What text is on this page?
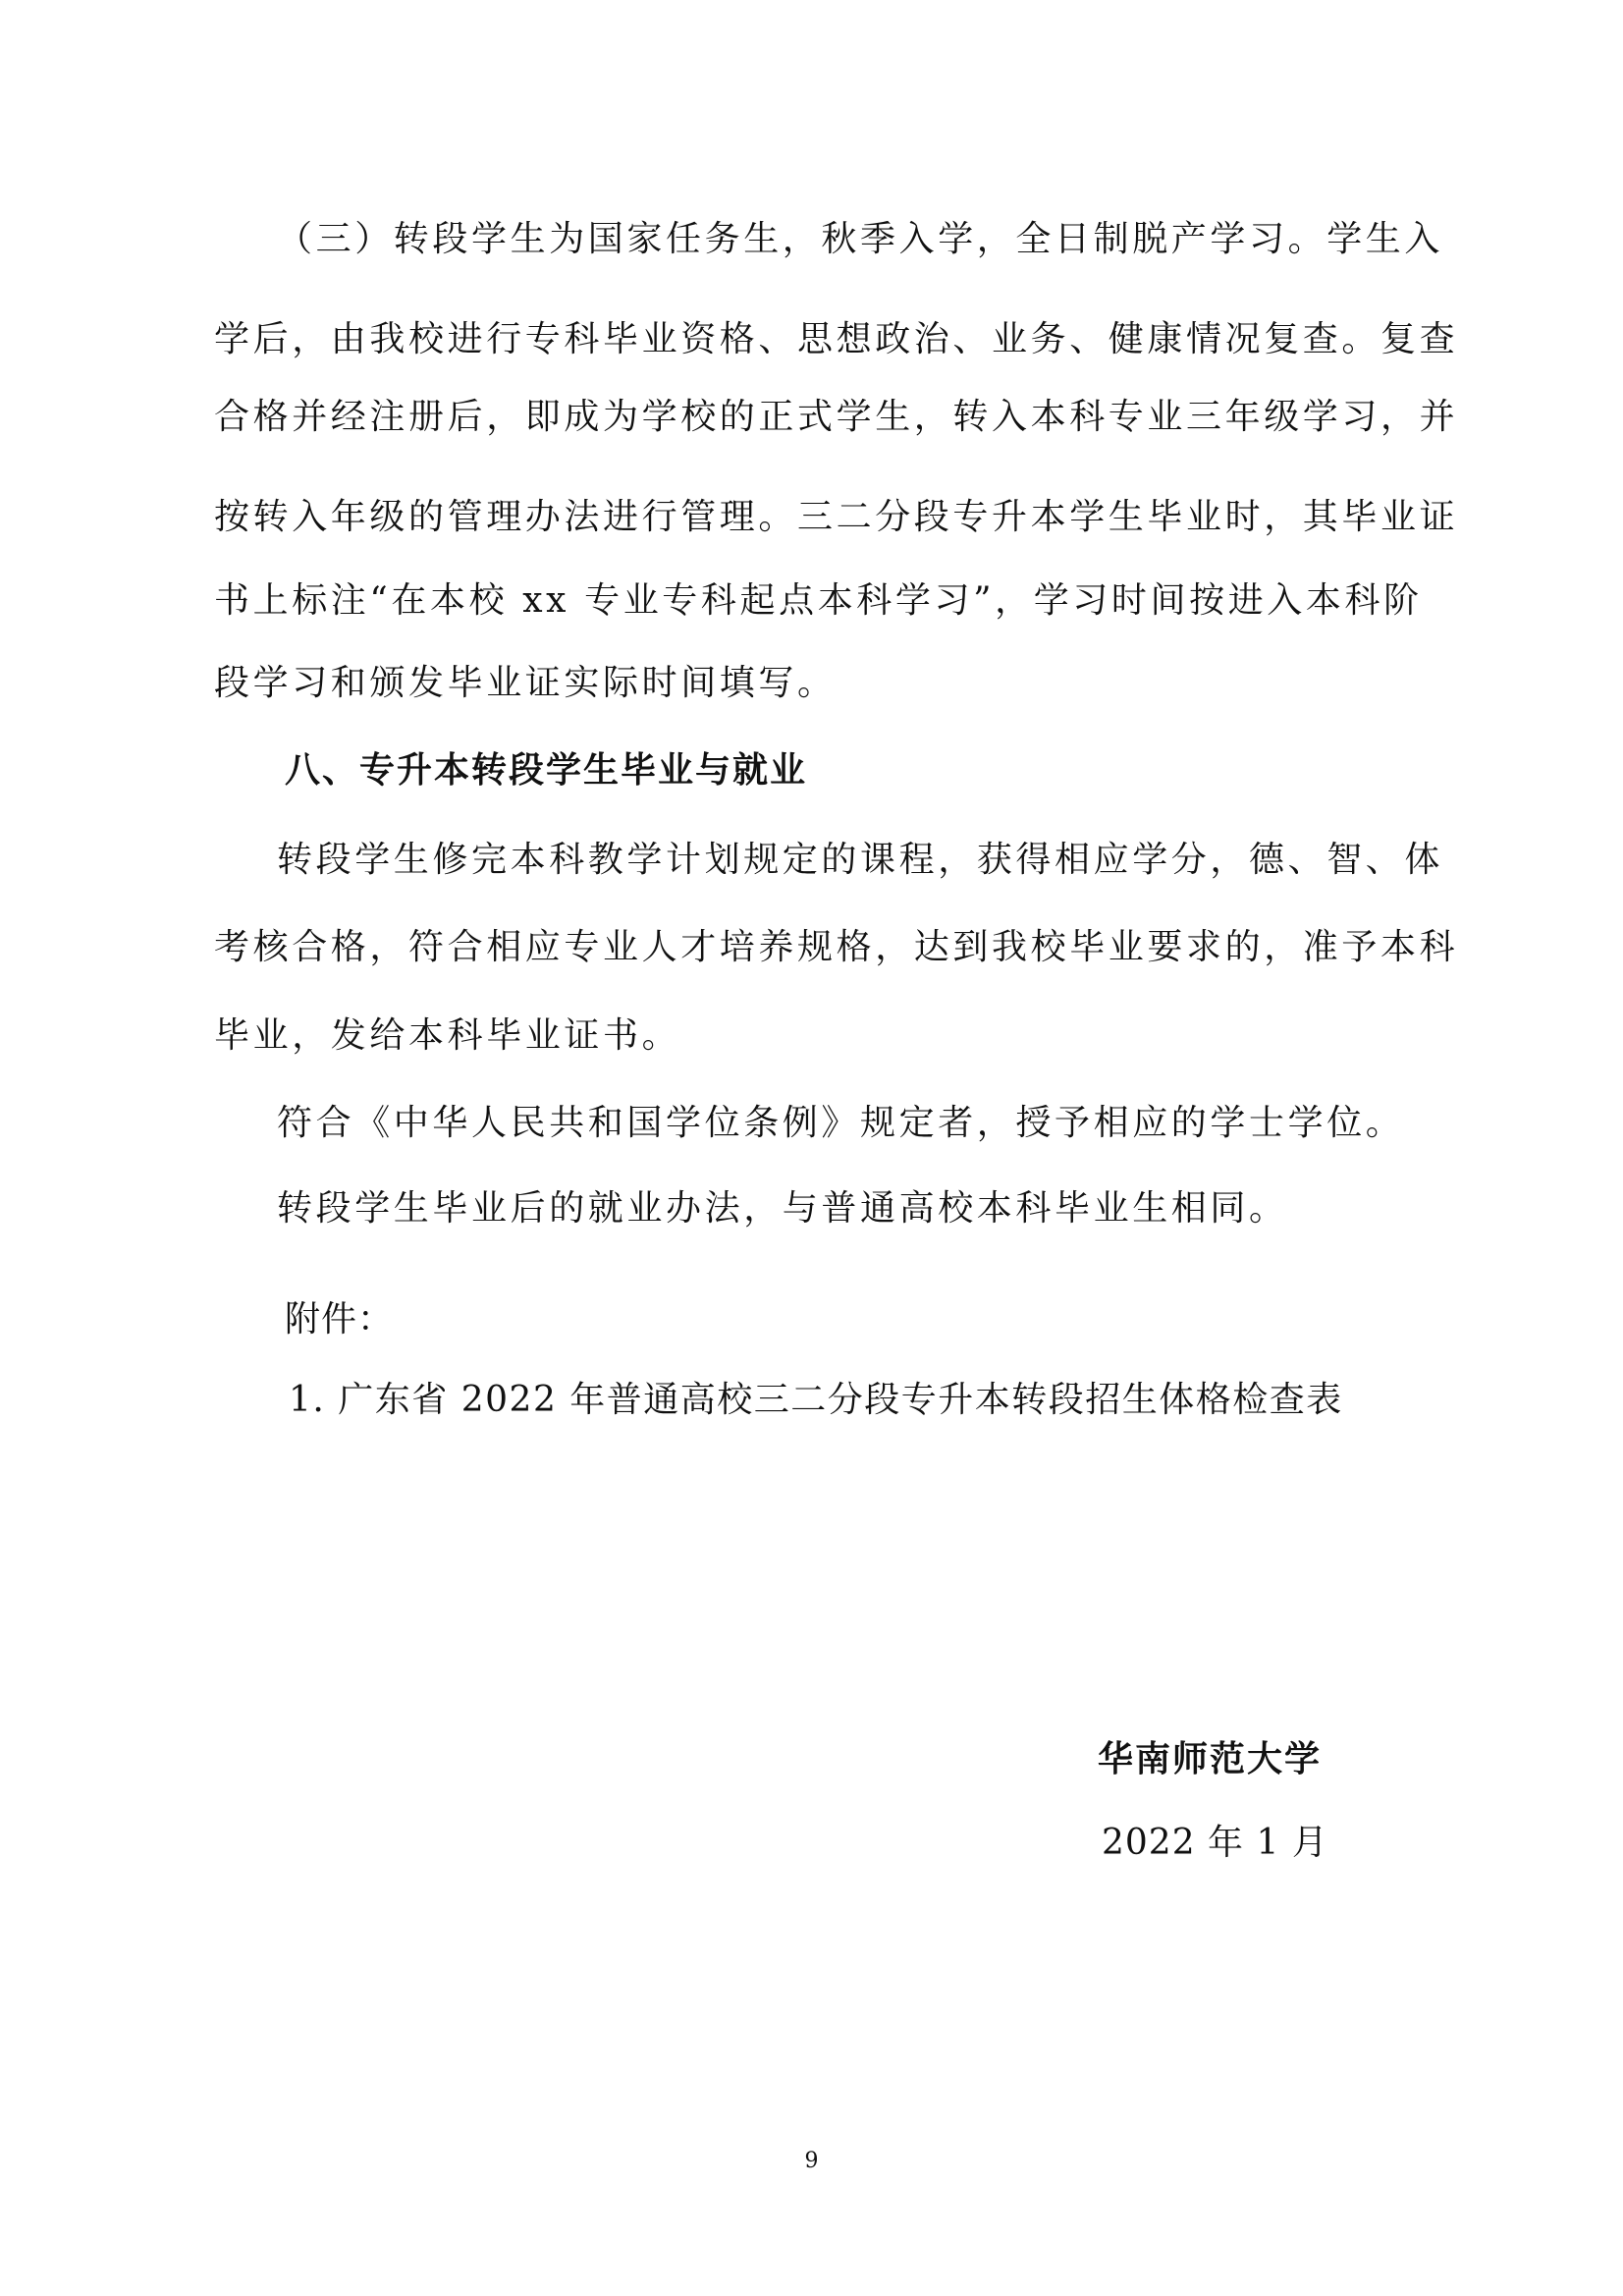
（三）转段学生为国家任务生，秋季入学，全日制脱产学习。学生入
学后，由我校进行专科毕业资格、思想政治、业务、健康情况复查。复查
合格并经注册后，即成为学校的正式学生，转入本科专业三年级学习，并
按转入年级的管理办法进行管理。三二分段专升本学生毕业时，其毕业证
书上标注“在本校 xx 专业专科起点本科学习”，学习时间按进入本科阶
段学习和颁发毕业证实际时间填写。
八、专升本转段学生毕业与就业
转段学生修完本科教学计划规定的课程，获得相应学分，德、智、体
考核合格，符合相应专业人才培养规格，达到我校毕业要求的，准予本科
毕业，发给本科毕业证书。
符合《中华人民共和国学位条例》规定者，授予相应的学士学位。
转段学生毕业后的就业办法，与普通高校本科毕业生相同。
附件：
1. 广东省 2022 年普通高校三二分段专升本转段招生体格检查表
华南师范大学
2022 年 1 月
9
